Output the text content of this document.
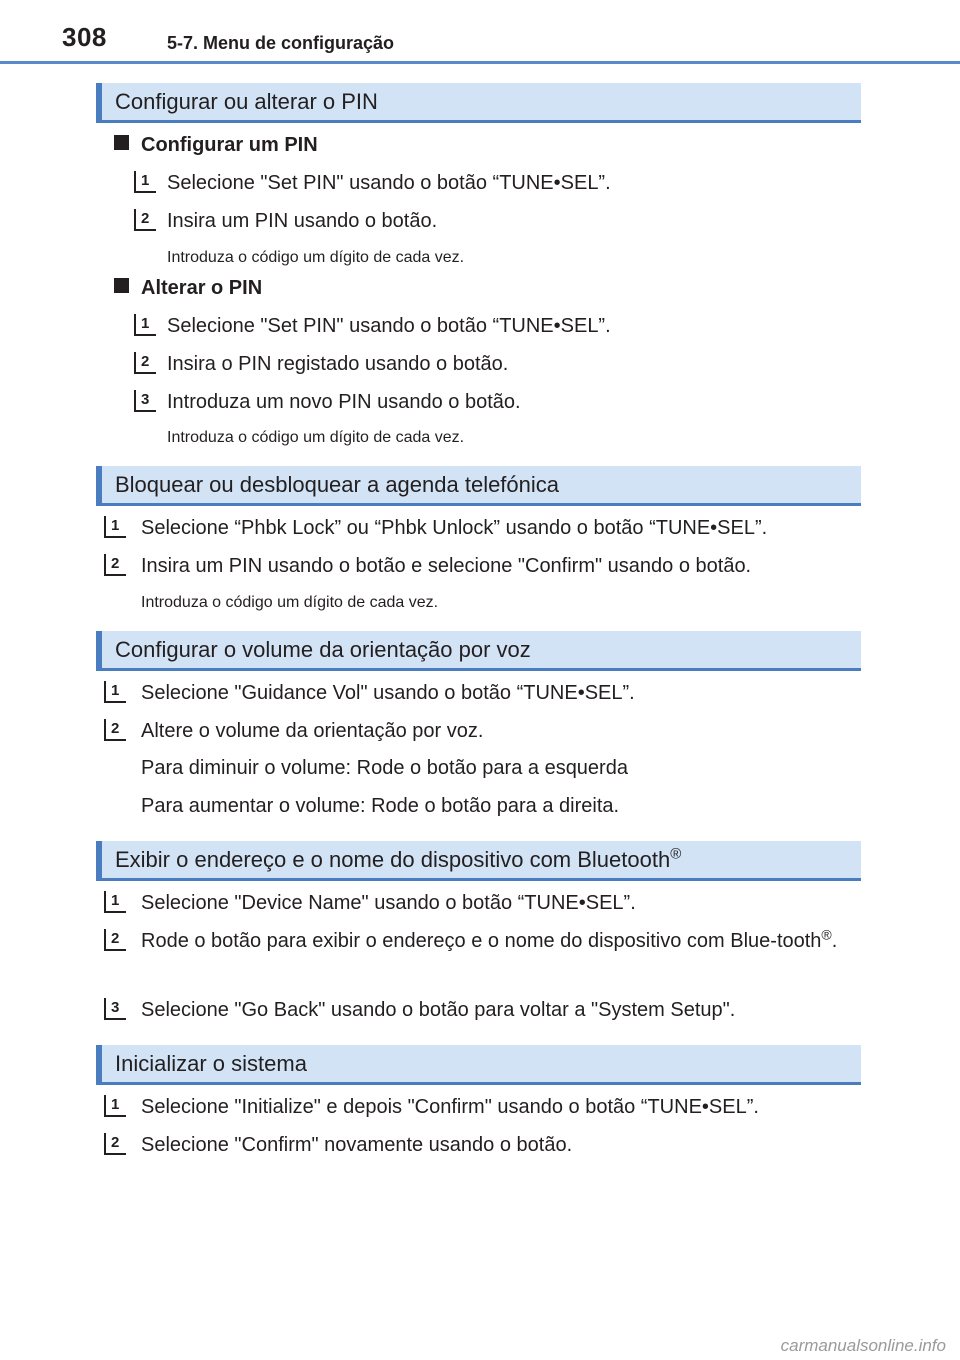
308	5-7. Menu de configuração
Configurar ou alterar o PIN
Configurar um PIN
1 Selecione "Set PIN" usando o botão “TUNE•SEL”.
2 Insira um PIN usando o botão.
Introduza o código um dígito de cada vez.
Alterar o PIN
1 Selecione "Set PIN" usando o botão “TUNE•SEL”.
2 Insira o PIN registado usando o botão.
3 Introduza um novo PIN usando o botão.
Introduza o código um dígito de cada vez.
Bloquear ou desbloquear a agenda telefónica
1	Selecione “Phbk Lock” ou “Phbk Unlock” usando o botão “TUNE•SEL”.
2	Insira um PIN usando o botão e selecione "Confirm" usando o botão.
Introduza o código um dígito de cada vez.
Configurar o volume da orientação por voz
1	Selecione "Guidance Vol" usando o botão “TUNE•SEL”.
2	Altere o volume da orientação por voz.
Para diminuir o volume: Rode o botão para a esquerda
Para aumentar o volume: Rode o botão para a direita.
Exibir o endereço e o nome do dispositivo com Bluetooth®
1	Selecione "Device Name" usando o botão “TUNE•SEL”.
2	Rode o botão para exibir o endereço e o nome do dispositivo com Blue-tooth®.
3	Selecione "Go Back" usando o botão para voltar a "System Setup".
Inicializar o sistema
1	Selecione "Initialize" e depois "Confirm" usando o botão “TUNE•SEL”.
2	Selecione "Confirm" novamente usando o botão.
carmanualsonline.info
